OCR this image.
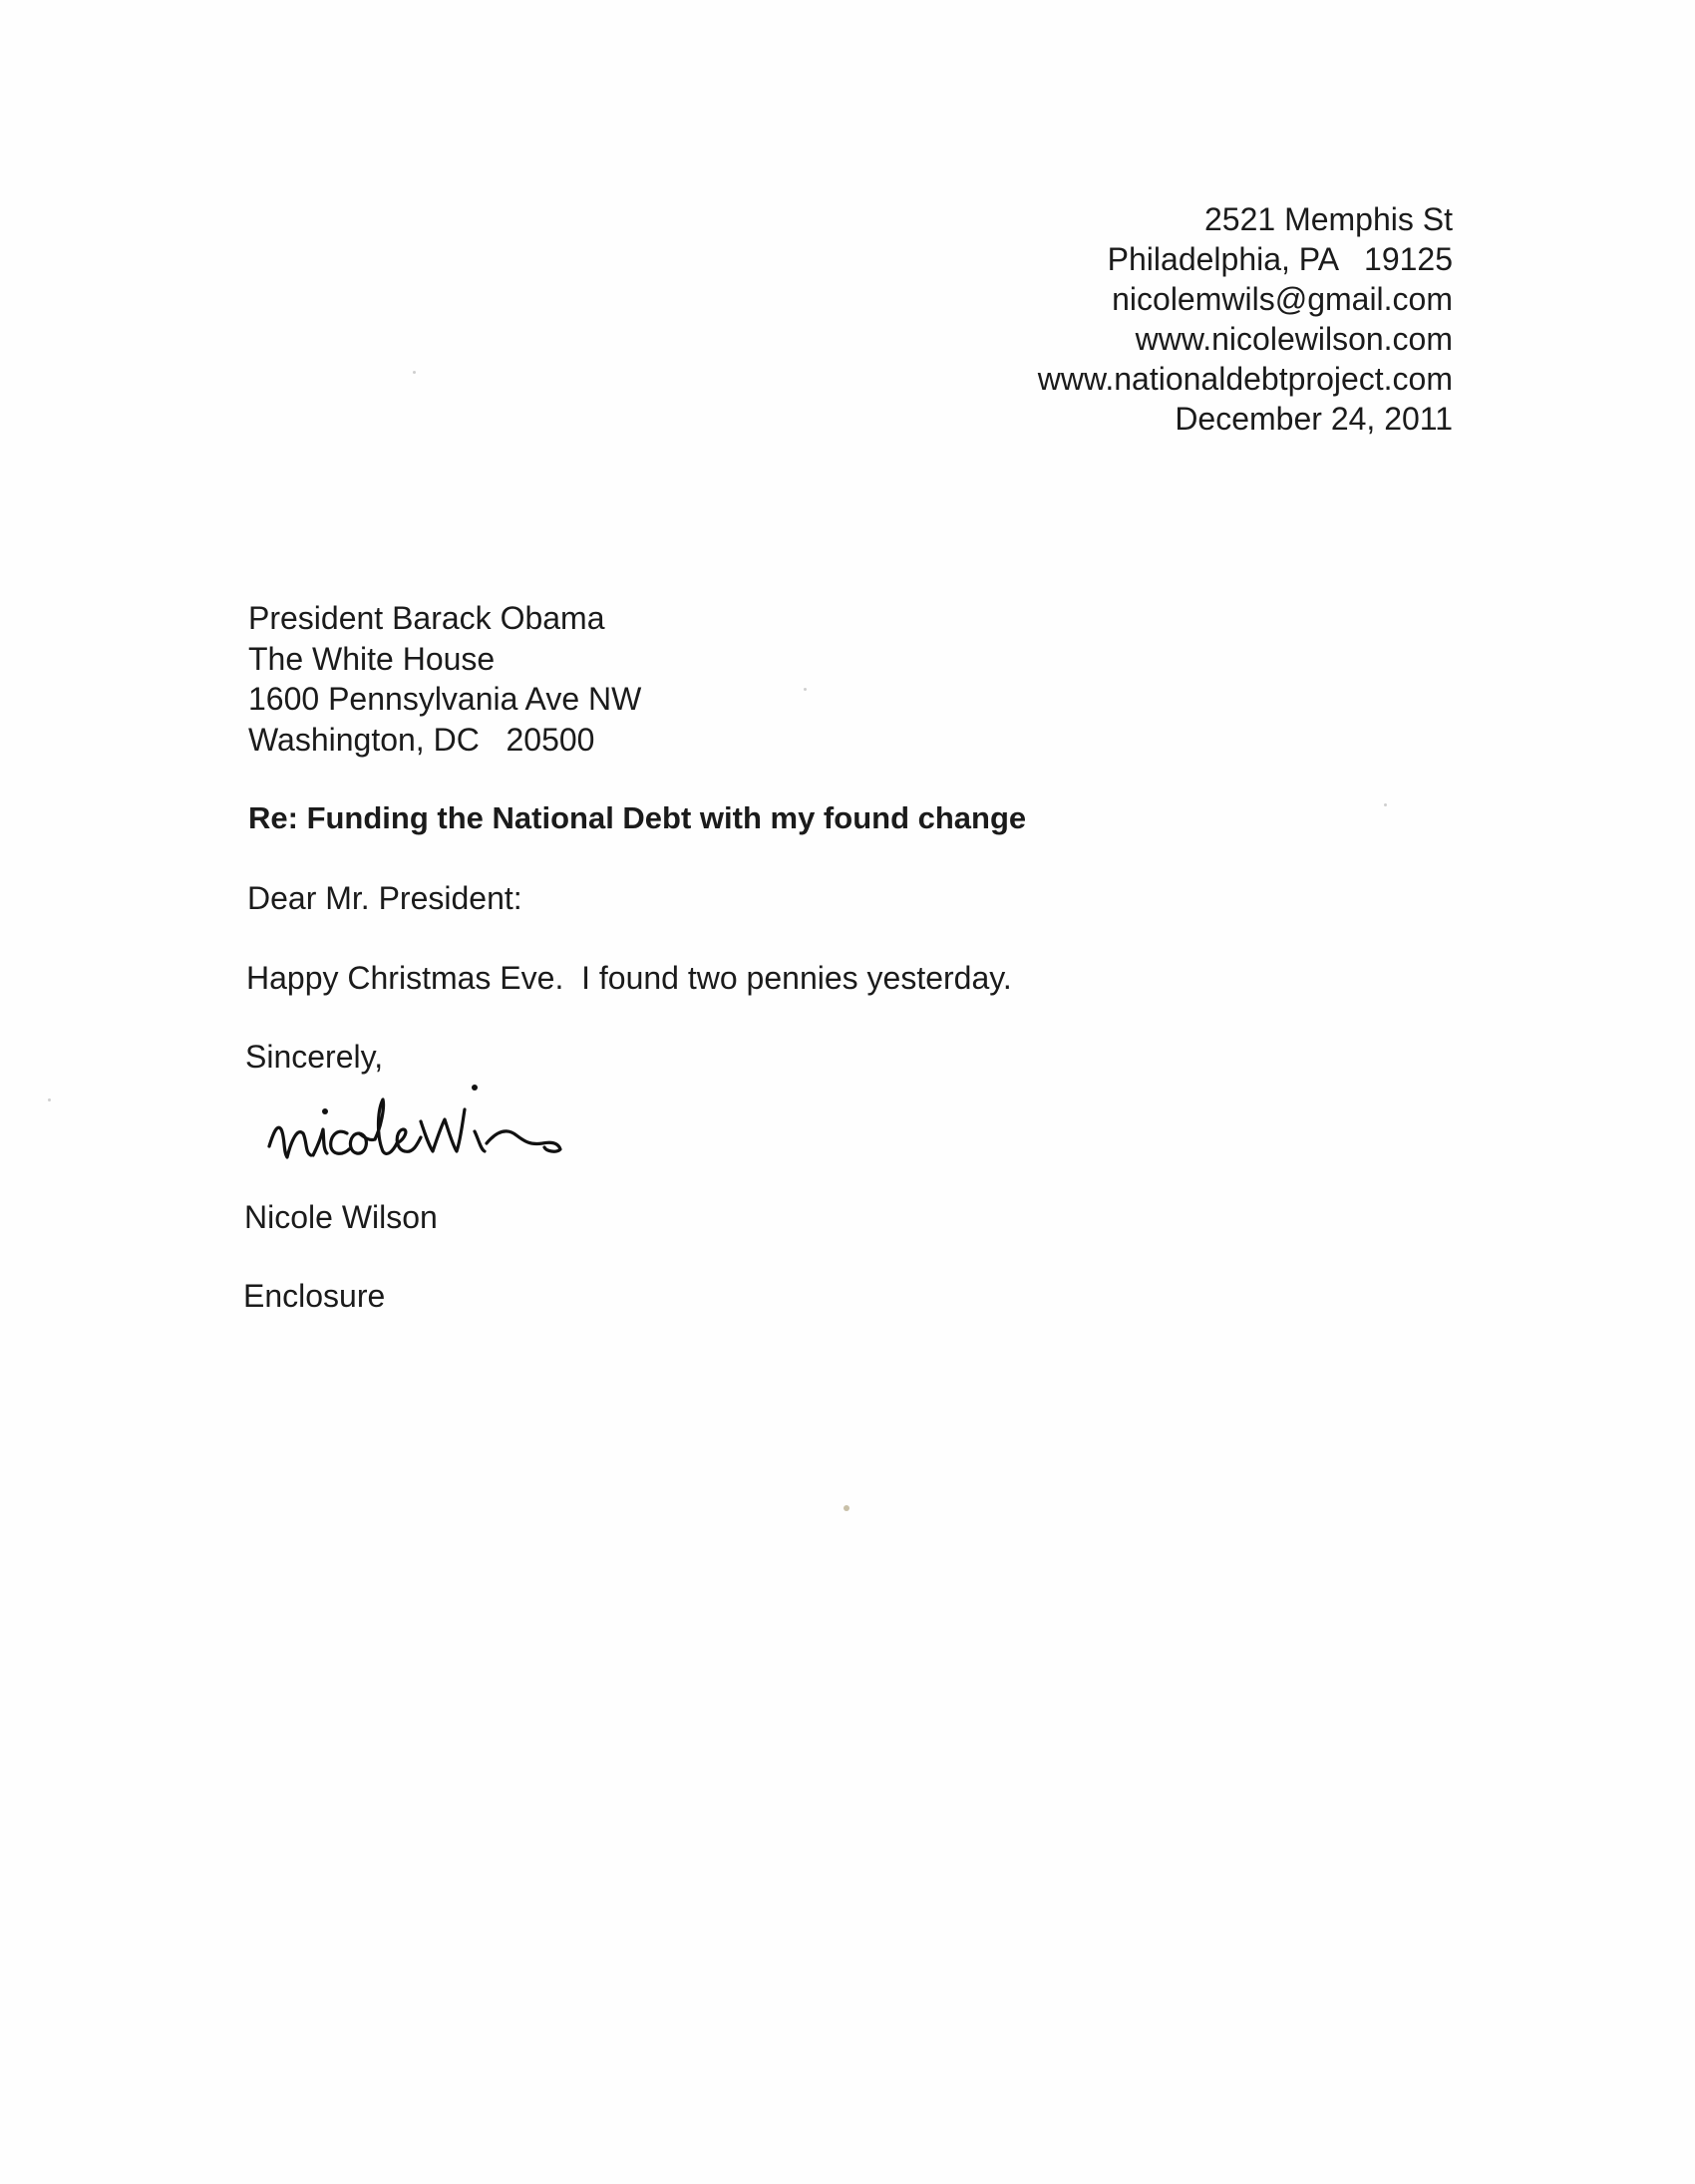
2521 Memphis St
Philadelphia, PA   19125
nicolemwils@gmail.com
www.nicolewilson.com
www.nationaldebtproject.com
December 24, 2011
President Barack Obama
The White House
1600 Pennsylvania Ave NW
Washington, DC   20500
Re: Funding the National Debt with my found change
Dear Mr. President:
Happy Christmas Eve.  I found two pennies yesterday.
Sincerely,
Nicole Wilson
Enclosure
